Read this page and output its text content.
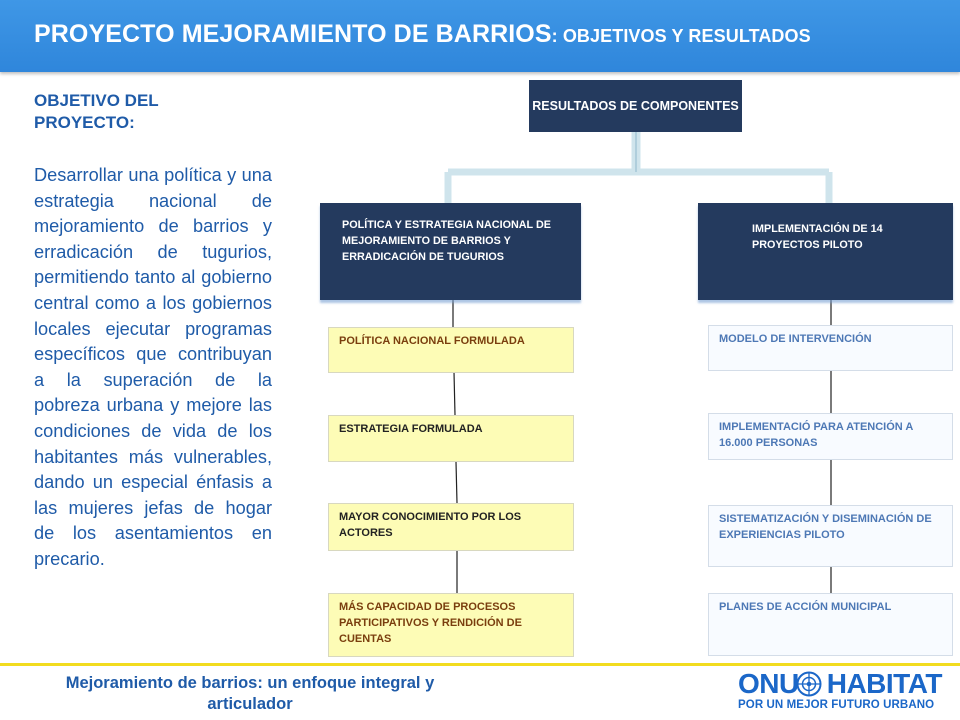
PROYECTO MEJORAMIENTO DE BARRIOS: OBJETIVOS Y RESULTADOS
OBJETIVO DEL PROYECTO:
Desarrollar una política y una estrategia nacional de mejoramiento de barrios y erradicación de tugurios, permitiendo tanto al gobierno central como a los gobiernos locales ejecutar programas específicos que contribuyan a la superación de la pobreza urbana y mejore las condiciones de vida de los habitantes más vulnerables, dando un especial énfasis a las mujeres jefas de hogar de los asentamientos en precario.
RESULTADOS DE COMPONENTES
POLÍTICA Y ESTRATEGIA NACIONAL DE MEJORAMIENTO DE BARRIOS Y ERRADICACIÓN DE TUGURIOS
IMPLEMENTACIÓN DE 14 PROYECTOS PILOTO
POLÍTICA NACIONAL FORMULADA
ESTRATEGIA FORMULADA
MAYOR CONOCIMIENTO POR LOS ACTORES
MÁS CAPACIDAD DE PROCESOS PARTICIPATIVOS Y RENDICIÓN DE CUENTAS
MODELO DE INTERVENCIÓN
IMPLEMENTACIÓ PARA ATENCIÓN A 16.000 PERSONAS
SISTEMATIZACIÓN Y DISEMINACIÓN DE EXPERIENCIAS PILOTO
PLANES DE ACCIÓN MUNICIPAL
Mejoramiento de barrios: un enfoque integral y articulador
ONU HABITAT
POR UN MEJOR FUTURO URBANO
